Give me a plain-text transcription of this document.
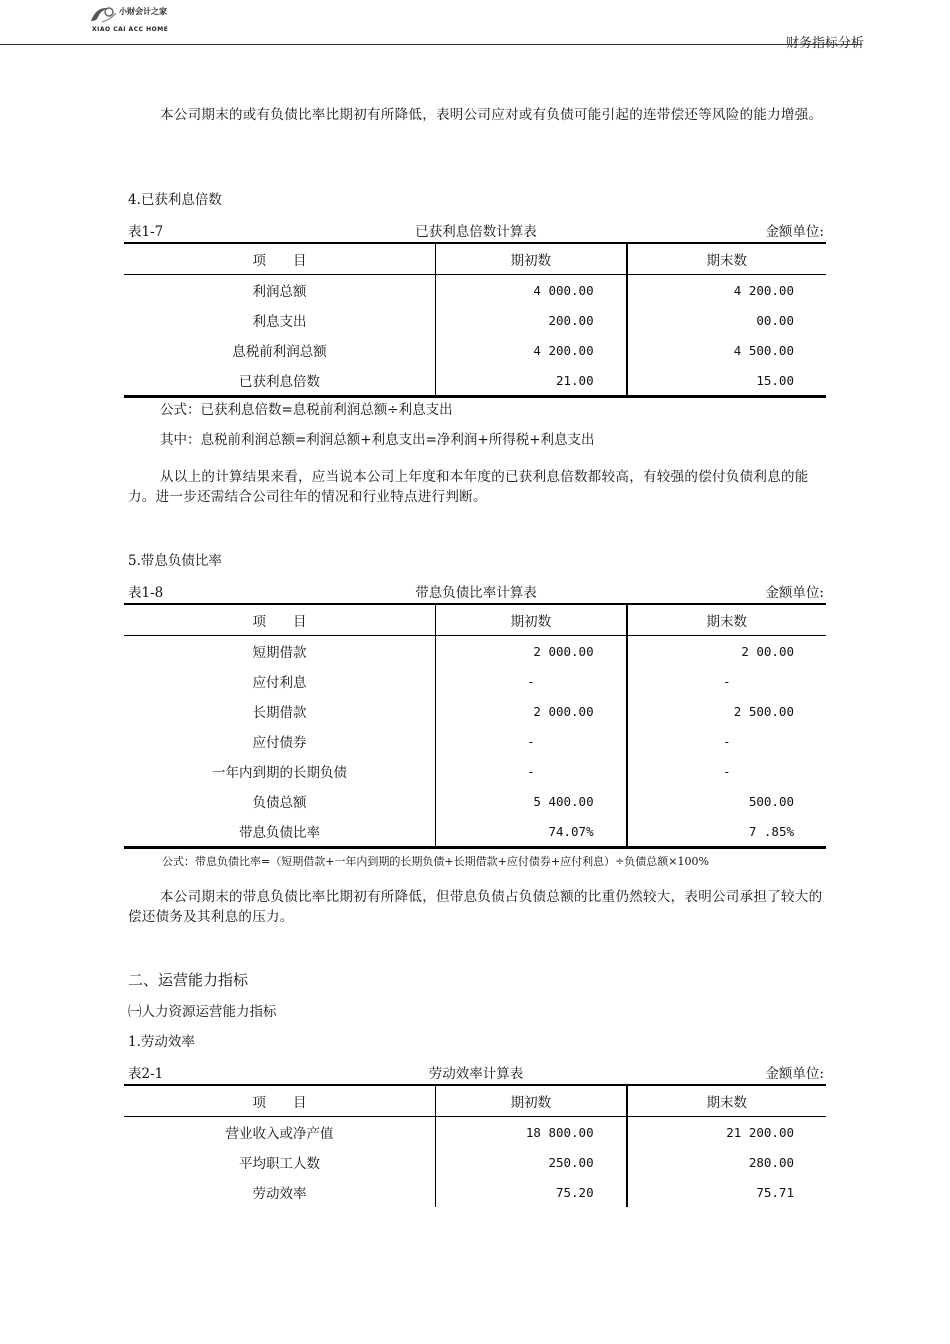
小财会计之家
XIAO CAI ACC HOME
财务指标分析
本公司期末的或有负债比率比期初有所降低，表明公司应对或有负债可能引起的连带偿还等风险的能力增强。
4.已获利息倍数
表1-7	已获利息倍数计算表	金额单位:
项　　目	期初数	期末数
利润总额	4 000.00	4 200.00
利息支出	200.00	00.00
息税前利润总额	4 200.00	4 500.00
已获利息倍数	21.00	15.00
公式：已获利息倍数=息税前利润总额÷利息支出
其中：息税前利润总额=利润总额+利息支出=净利润+所得税+利息支出
从以上的计算结果来看，应当说本公司上年度和本年度的已获利息倍数都较高，有较强的偿付负债利息的能力。进一步还需结合公司往年的情况和行业特点进行判断。
5.带息负债比率
表1-8	带息负债比率计算表	金额单位:
项　　目	期初数	期末数
短期借款	2 000.00	2 00.00
应付利息	-	-
长期借款	2 000.00	2 500.00
应付债券	-	-
一年内到期的长期负债	-	-
负债总额	5 400.00	500.00
带息负债比率	74.07%	7 .85%
公式：带息负债比率=（短期借款+一年内到期的长期负债+长期借款+应付债券+应付利息）÷负债总额×100%
本公司期末的带息负债比率比期初有所降低，但带息负债占负债总额的比重仍然较大，表明公司承担了较大的偿还债务及其利息的压力。
二、运营能力指标
㈠人力资源运营能力指标
1.劳动效率
表2-1	劳动效率计算表	金额单位:
项　　目	期初数	期末数
营业收入或净产值	18 800.00	21 200.00
平均职工人数	250.00	280.00
劳动效率	75.20	75.71
